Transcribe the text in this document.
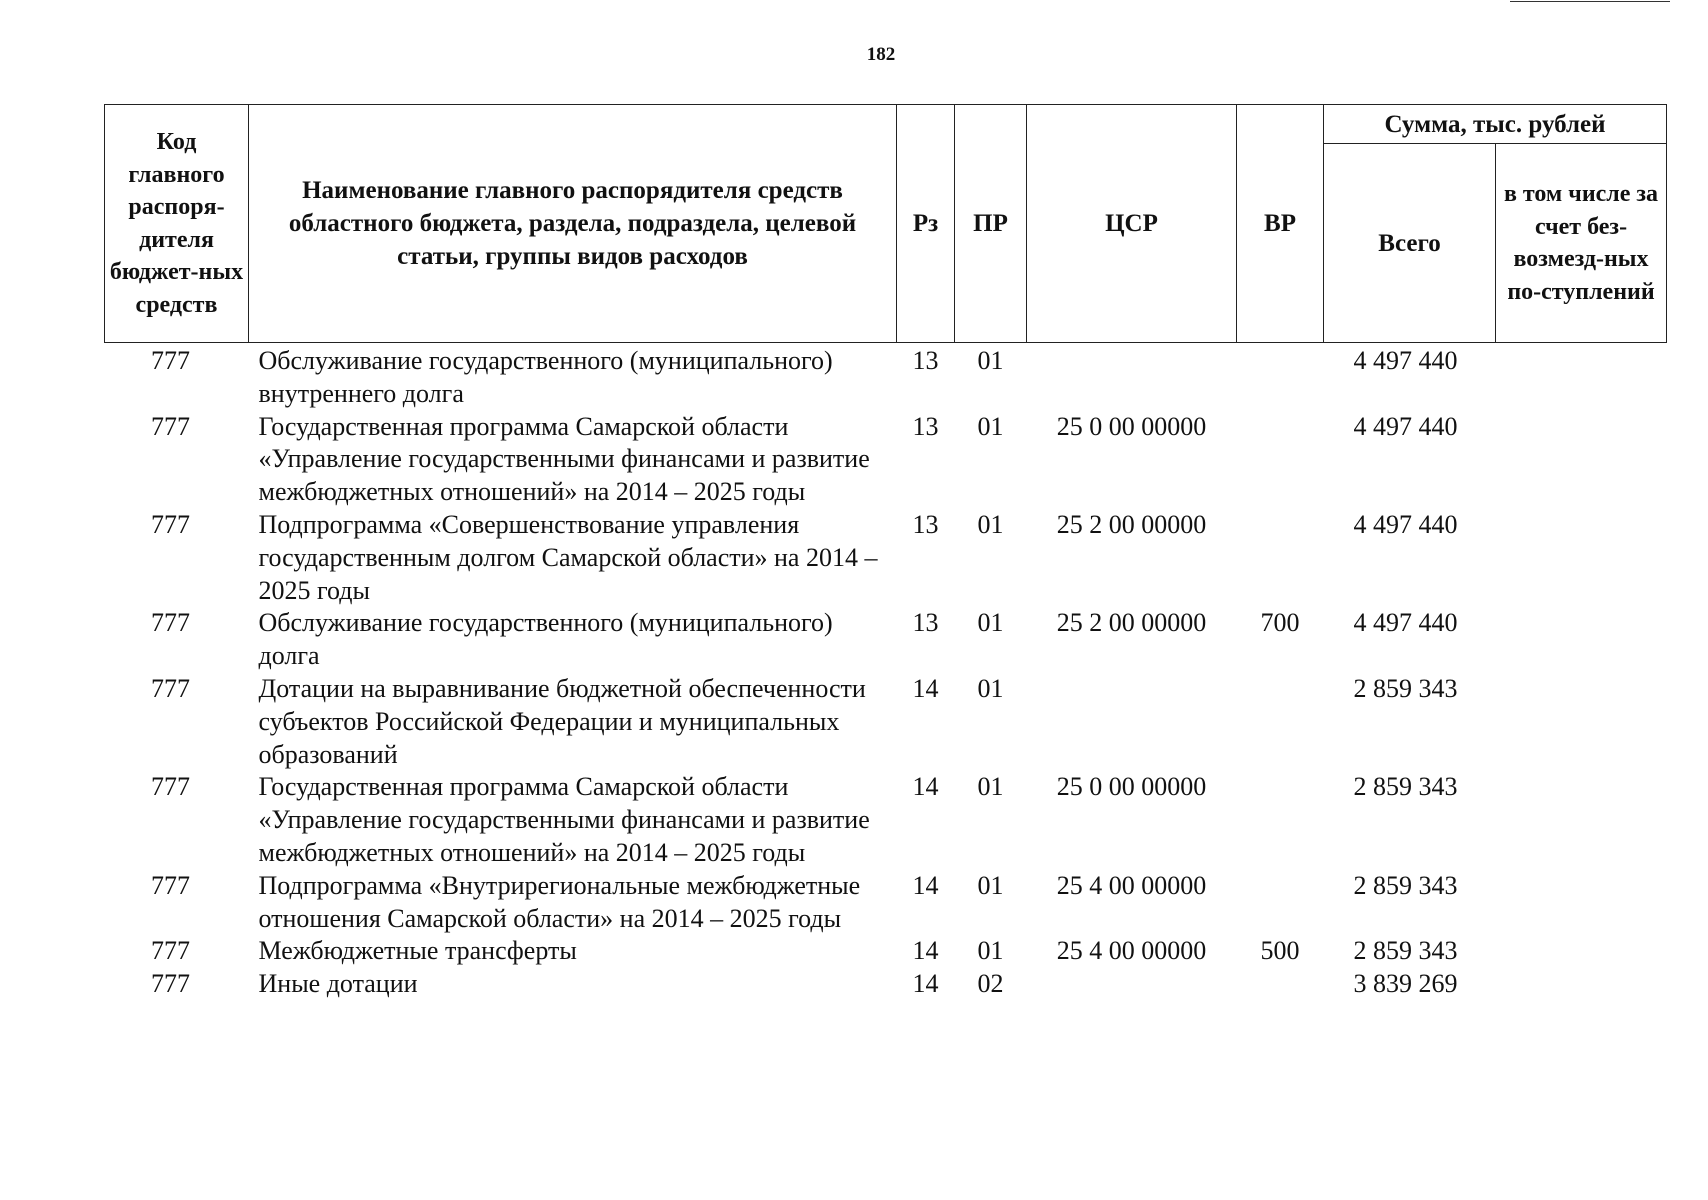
182
Код главного распоря-дителя бюджет-ных средств	Наименование главного распорядителя средств областного бюджета, раздела, подраздела, целевой статьи, группы видов расходов	Рз	ПР	ЦСР	ВР	Сумма, тыс. рублей	
						Всего	в том числе за счет без-возмезд-ных по-ступлений
777	Обслуживание государственного (муниципального) внутреннего долга	13	01			4 497 440	
777	Государственная программа Самарской области «Управление государственными финансами и развитие межбюджетных отношений» на 2014 – 2025 годы	13	01	25 0 00 00000		4 497 440	
777	Подпрограмма «Совершенствование управления государственным долгом Самарской области» на 2014 – 2025 годы	13	01	25 2 00 00000		4 497 440	
777	Обслуживание государственного (муниципального) долга	13	01	25 2 00 00000	700	4 497 440	
777	Дотации на выравнивание бюджетной обеспеченности субъектов Российской Федерации и муниципальных образований	14	01			2 859 343	
777	Государственная программа Самарской области «Управление государственными финансами и развитие межбюджетных отношений» на 2014 – 2025 годы	14	01	25 0 00 00000		2 859 343	
777	Подпрограмма «Внутрирегиональные межбюджетные отношения Самарской области» на 2014 – 2025 годы	14	01	25 4 00 00000		2 859 343	
777	Межбюджетные трансферты	14	01	25 4 00 00000	500	2 859 343	
777	Иные дотации	14	02			3 839 269	
